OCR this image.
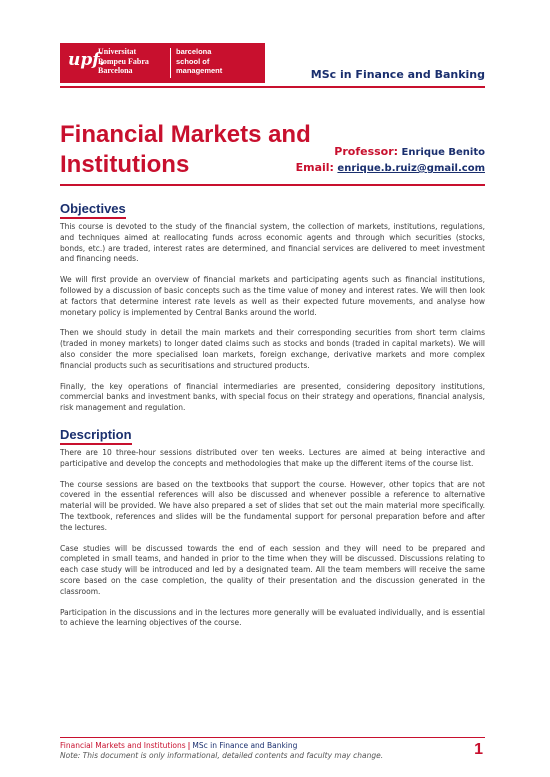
upf.
Universitat
Pompeu Fabra
Barcelona
barcelona
school of
management	MSc in Finance and Banking
Financial Markets and Institutions	Professor: Enrique Benito
Email: enrique.b.ruiz@gmail.com
Objectives

This course is devoted to the study of the financial system, the collection of markets, institutions, regulations, and techniques aimed at reallocating funds across economic agents and through which securities (stocks, bonds, etc.) are traded, interest rates are determined, and financial services are delivered to meet investment and financing needs.

We will first provide an overview of financial markets and participating agents such as financial institutions, followed by a discussion of basic concepts such as the time value of money and interest rates. We will then look at factors that determine interest rate levels as well as their expected future movements, and analyse how monetary policy is implemented by Central Banks around the world.

Then we should study in detail the main markets and their corresponding securities from short term claims (traded in money markets) to longer dated claims such as stocks and bonds (traded in capital markets). We will also consider the more specialised loan markets, foreign exchange, derivative markets and more complex financial products such as securitisations and structured products.

Finally, the key operations of financial intermediaries are presented, considering depository institutions, commercial banks and investment banks, with special focus on their strategy and operations, financial analysis, risk management and regulation.

Description

There are 10 three-hour sessions distributed over ten weeks. Lectures are aimed at being interactive and participative and develop the concepts and methodologies that make up the different items of the course list.

The course sessions are based on the textbooks that support the course. However, other topics that are not covered in the essential references will also be discussed and whenever possible a reference to alternative material will be provided. We have also prepared a set of slides that set out the main material more specifically. The textbook, references and slides will be the fundamental support for personal preparation before and after the lectures.

Case studies will be discussed towards the end of each session and they will need to be prepared and completed in small teams, and handed in prior to the time when they will be discussed. Discussions relating to each case study will be introduced and led by a designated team. All the team members will receive the same score based on the case completion, the quality of their presentation and the discussion generated in the classroom.

Participation in the discussions and in the lectures more generally will be evaluated individually, and is essential to achieve the learning objectives of the course.

Financial Markets and Institutions | MSc in Finance and Banking
Note: This document is only informational, detailed contents and faculty may change.	1
